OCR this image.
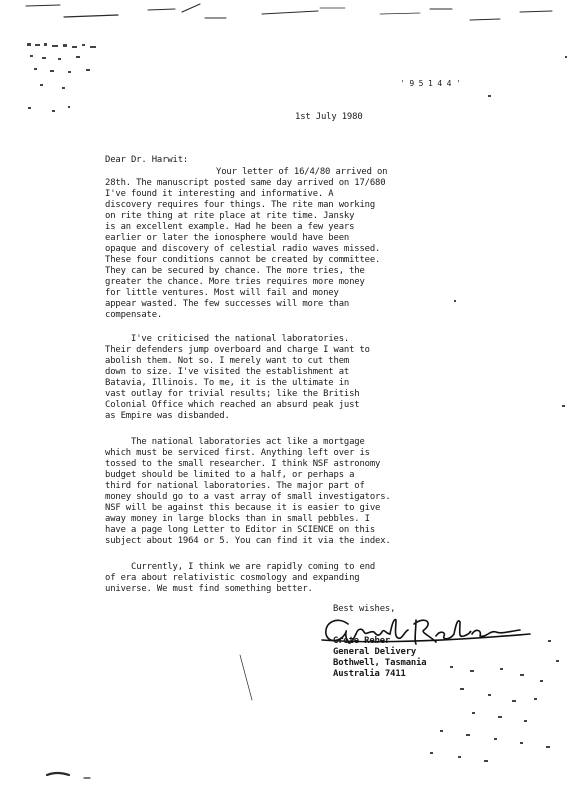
' 9 5 1 4 4 '

1st July 1980

Dear Dr. Harwit:

Your letter of 16/4/80 arrived on

28th. The manuscript posted same day arrived on 17/680

I've found it interesting and informative. A

discovery requires four things. The rite man working

on rite thing at rite place at rite time. Jansky

is an excellent example. Had he been a few years

earlier or later the ionosphere would have been

opaque and discovery of celestial radio waves missed.

These four conditions cannot be created by committee.

They can be secured by chance. The more tries, the

greater the chance. More tries requires more money

for little ventures. Most will fail and money

appear wasted. The few successes will more than

compensate.

I've criticised the national laboratories.

Their defenders jump overboard and charge I want to

abolish them. Not so. I merely want to cut them

down to size. I've visited the establishment at

Batavia, Illinois. To me, it is the ultimate in

vast outlay for trivial results; like the British

Colonial Office which reached an absurd peak just

as Empire was disbanded.

The national laboratories act like a mortgage

which must be serviced first. Anything left over is

tossed to the small researcher. I think NSF astronomy

budget should be limited to a half, or perhaps a

third for national laboratories. The major part of

money should go to a vast array of small investigators.

NSF will be against this because it is easier to give

away money in large blocks than in small pebbles. I

have a page long Letter to Editor in SCIENCE on this

subject about 1964 or 5. You can find it via the index.

Currently, I think we are rapidly coming to end

of era about relativistic cosmology and expanding

universe. We must find something better.

Best wishes,

Grote Reber

General Delivery

Bothwell, Tasmania

Australia 7411
